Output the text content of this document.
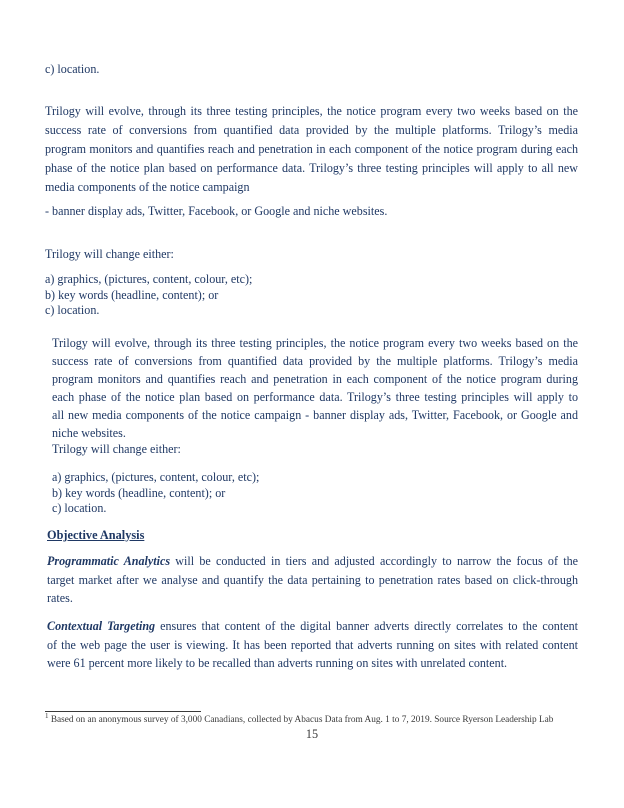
c) location.
Trilogy will evolve, through its three testing principles, the notice program every two weeks based on the
success rate of conversions from quantified data provided by the multiple platforms. Trilogy’s media
program monitors and quantifies reach and penetration in each component of the notice program during each
phase of the notice plan based on performance data. Trilogy’s three testing principles will apply to all new
media components of the notice campaign
- banner display ads, Twitter, Facebook, or Google and niche websites.
Trilogy will change either:
a) graphics, (pictures, content, colour, etc);
b) key words (headline, content); or
c) location.
Trilogy will evolve, through its three testing principles, the notice program every two weeks based on the
success rate of conversions from quantified data provided by the multiple platforms. Trilogy’s media
program monitors and quantifies reach and penetration in each component of the notice program during
each phase of the notice plan based on performance data. Trilogy’s three testing principles will apply to
all new media components of the notice campaign - banner display ads, Twitter, Facebook, or Google and
niche websites.
Trilogy will change either:
a) graphics, (pictures, content, colour, etc);
b) key words (headline, content); or
c) location.
Objective Analysis
Programmatic Analytics will be conducted in tiers and adjusted accordingly to narrow the focus of the
target market after we analyse and quantify the data pertaining to penetration rates based on click-through
rates.
Contextual Targeting ensures that content of the digital banner adverts directly correlates to the content
of the web page the user is viewing. It has been reported that adverts running on sites with related content
were 61 percent more likely to be recalled than adverts running on sites with unrelated content.
$^1$ Based on an anonymous survey of 3,000 Canadians, collected by Abacus Data from Aug. 1 to 7, 2019. Source Ryerson Leadership Lab
15
